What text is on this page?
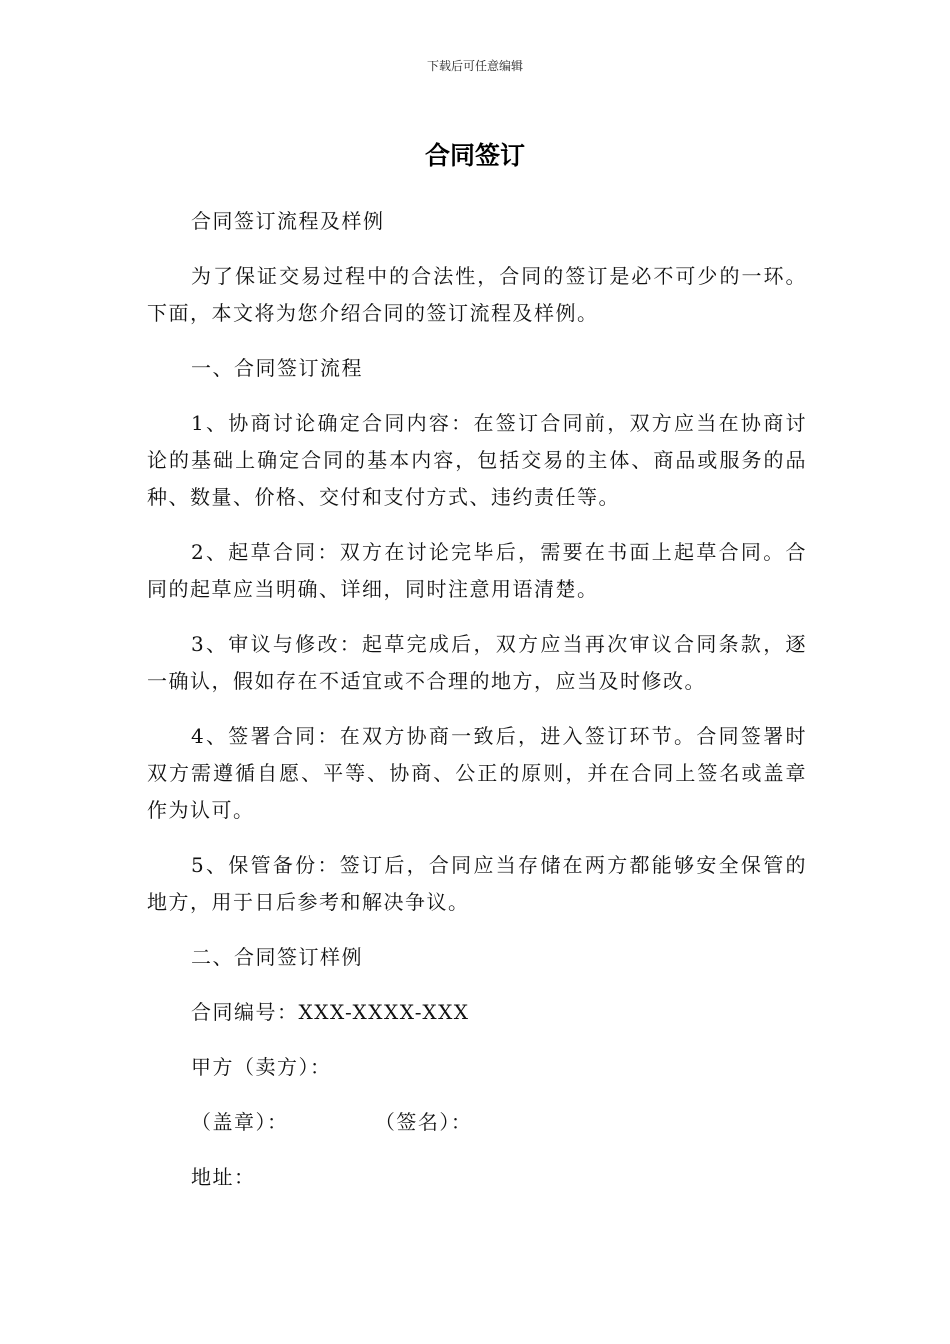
下载后可任意编辑
合同签订

合同签订流程及样例

为了保证交易过程中的合法性，合同的签订是必不可少的一环。下面，本文将为您介绍合同的签订流程及样例。

一、合同签订流程

1、协商讨论确定合同内容：在签订合同前，双方应当在协商讨论的基础上确定合同的基本内容，包括交易的主体、商品或服务的品种、数量、价格、交付和支付方式、违约责任等。

2、起草合同：双方在讨论完毕后，需要在书面上起草合同。合同的起草应当明确、详细，同时注意用语清楚。

3、审议与修改：起草完成后，双方应当再次审议合同条款，逐一确认，假如存在不适宜或不合理的地方，应当及时修改。

4、签署合同：在双方协商一致后，进入签订环节。合同签署时双方需遵循自愿、平等、协商、公正的原则，并在合同上签名或盖章作为认可。

5、保管备份：签订后，合同应当存储在两方都能够安全保管的地方，用于日后参考和解决争议。

二、合同签订样例

合同编号：XXX-XXXX-XXX

甲方（卖方）：

（盖章）：           （签名）：

地址：
